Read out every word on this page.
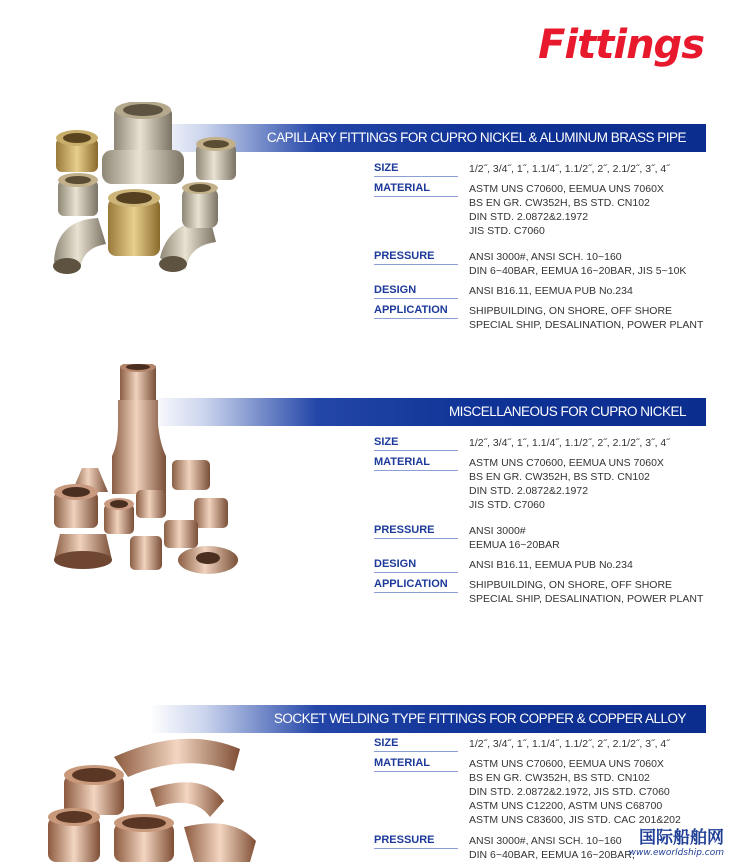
Fittings
CAPILLARY FITTINGS FOR CUPRO NICKEL & ALUMINUM BRASS PIPE
SIZE	1/2˝, 3/4˝, 1˝, 1.1/4˝, 1.1/2˝, 2˝, 2.1/2˝, 3˝, 4˝
MATERIAL	ASTM UNS C70600, EEMUA UNS 7060X
BS EN GR. CW352H, BS STD. CN102
DIN STD. 2.0872&2.1972
JIS STD. C7060
PRESSURE	ANSI 3000#, ANSI SCH. 10~160
DIN 6~40BAR, EEMUA 16~20BAR, JIS 5~10K
DESIGN	ANSI B16.11, EEMUA PUB No.234
APPLICATION	SHIPBUILDING, ON SHORE, OFF SHORE
SPECIAL SHIP, DESALINATION, POWER PLANT
MISCELLANEOUS FOR CUPRO NICKEL
SIZE	1/2˝, 3/4˝, 1˝, 1.1/4˝, 1.1/2˝, 2˝, 2.1/2˝, 3˝, 4˝
MATERIAL	ASTM UNS C70600, EEMUA UNS 7060X
BS EN GR. CW352H, BS STD. CN102
DIN STD. 2.0872&2.1972
JIS STD. C7060
PRESSURE	ANSI 3000#
EEMUA 16~20BAR
DESIGN	ANSI B16.11, EEMUA PUB No.234
APPLICATION	SHIPBUILDING, ON SHORE, OFF SHORE
SPECIAL SHIP, DESALINATION, POWER PLANT
SOCKET WELDING TYPE FITTINGS FOR COPPER & COPPER ALLOY
SIZE	1/2˝, 3/4˝, 1˝, 1.1/4˝, 1.1/2˝, 2˝, 2.1/2˝, 3˝, 4˝
MATERIAL	ASTM UNS C70600, EEMUA UNS 7060X
BS EN GR. CW352H, BS STD. CN102
DIN STD. 2.0872&2.1972, JIS STD. C7060
ASTM UNS C12200, ASTM UNS C68700
ASTM UNS C83600, JIS STD. CAC 201&202
PRESSURE	ANSI 3000#, ANSI SCH. 10~160
DIN 6~40BAR, EEMUA 16~20BAR,
国际船舶网
www.eworldship.com
